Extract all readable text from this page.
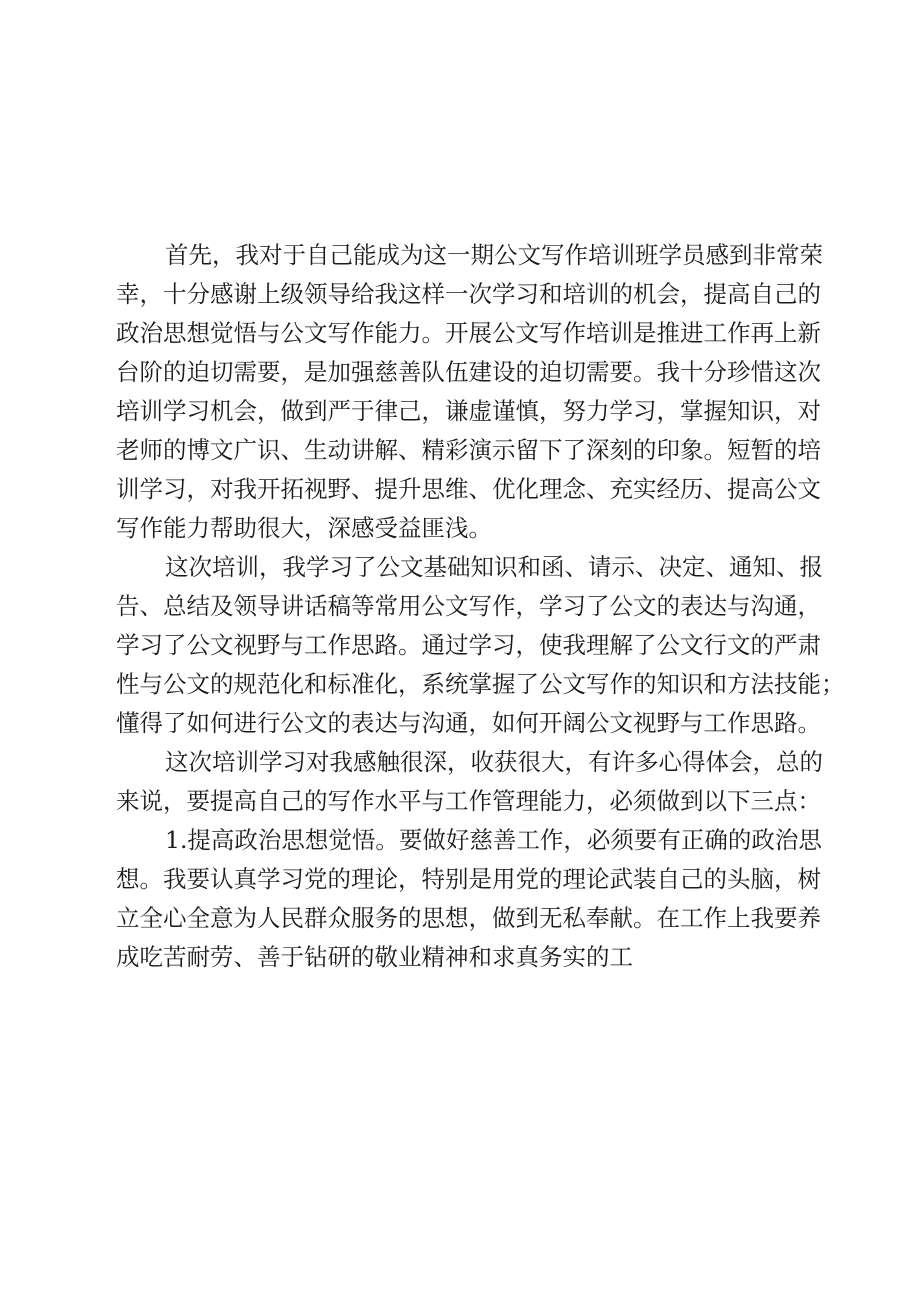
首先，我对于自己能成为这一期公文写作培训班学员感到非常荣
幸，十分感谢上级领导给我这样一次学习和培训的机会，提高自己的
政治思想觉悟与公文写作能力。开展公文写作培训是推进工作再上新
台阶的迫切需要，是加强慈善队伍建设的迫切需要。我十分珍惜这次
培训学习机会，做到严于律己，谦虚谨慎，努力学习，掌握知识，对
老师的博文广识、生动讲解、精彩演示留下了深刻的印象。短暂的培
训学习，对我开拓视野、提升思维、优化理念、充实经历、提高公文
写作能力帮助很大，深感受益匪浅。
这次培训，我学习了公文基础知识和函、请示、决定、通知、报
告、总结及领导讲话稿等常用公文写作，学习了公文的表达与沟通，
学习了公文视野与工作思路。通过学习，使我理解了公文行文的严肃
性与公文的规范化和标准化，系统掌握了公文写作的知识和方法技能；
懂得了如何进行公文的表达与沟通，如何开阔公文视野与工作思路。
这次培训学习对我感触很深，收获很大，有许多心得体会，总的
来说，要提高自己的写作水平与工作管理能力，必须做到以下三点：
1.提高政治思想觉悟。要做好慈善工作，必须要有正确的政治思
想。我要认真学习党的理论，特别是用党的理论武装自己的头脑，树
立全心全意为人民群众服务的思想，做到无私奉献。在工作上我要养
成吃苦耐劳、善于钻研的敬业精神和求真务实的工
